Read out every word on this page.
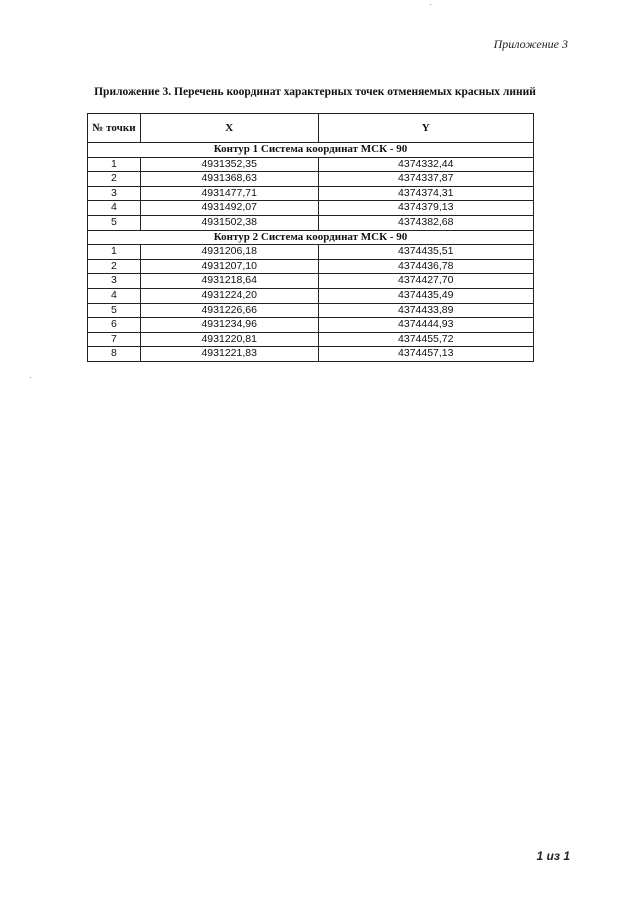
Приложение 3
Приложение 3. Перечень координат характерных точек отменяемых красных линий
№ точки	X	Y
Контур 1 Система координат МСК - 90		
1	4931352,35	4374332,44
2	4931368,63	4374337,87
3	4931477,71	4374374,31
4	4931492,07	4374379,13
5	4931502,38	4374382,68
Контур 2 Система координат МСК - 90		
1	4931206,18	4374435,51
2	4931207,10	4374436,78
3	4931218,64	4374427,70
4	4931224,20	4374435,49
5	4931226,66	4374433,89
6	4931234,96	4374444,93
7	4931220,81	4374455,72
8	4931221,83	4374457,13
1 из 1
